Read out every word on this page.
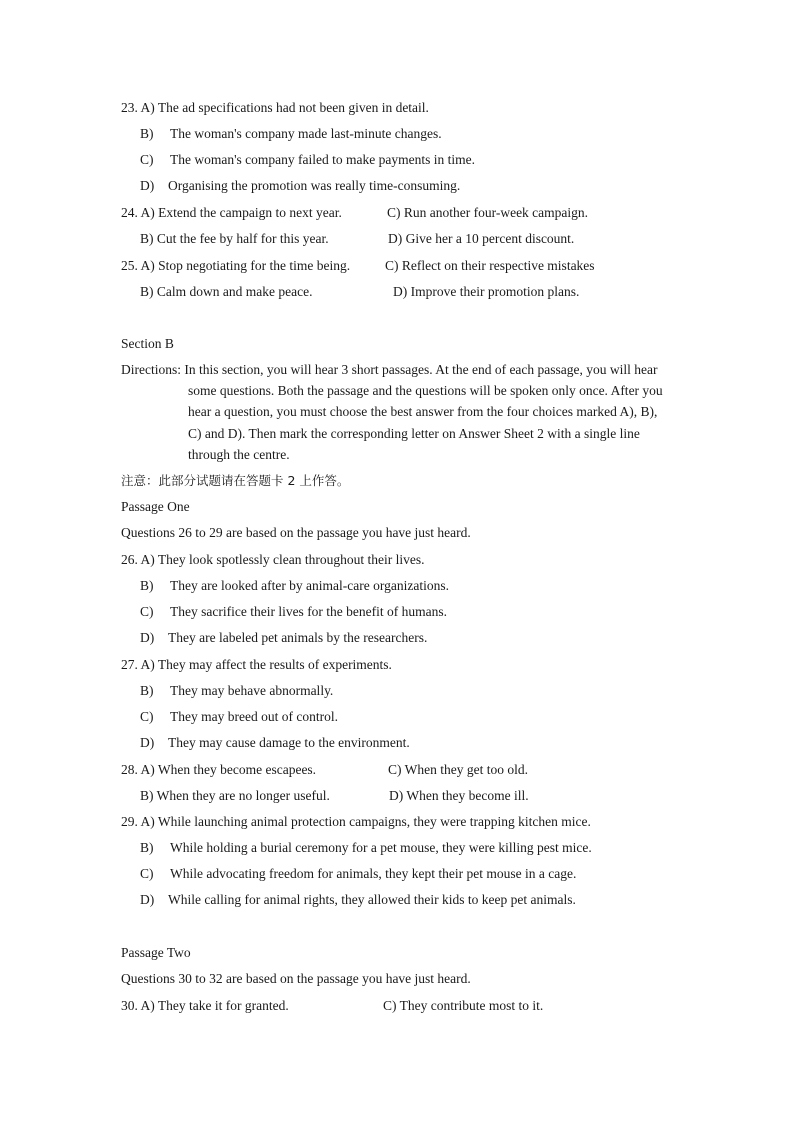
23. A) The ad specifications had not been given in detail.
B) The woman's company made last-minute changes.
C) The woman's company failed to make payments in time.
D) Organising the promotion was really time-consuming.
24. A) Extend the campaign to next year.	C) Run another four-week campaign.
B) Cut the fee by half for this year.	D) Give her a 10 percent discount.
25. A) Stop negotiating for the time being.	C) Reflect on their respective mistakes
B) Calm down and make peace.	D) Improve their promotion plans.
Section B
Directions: In this section, you will hear 3 short passages. At the end of each passage, you will hear
some questions. Both the passage and the questions will be spoken only once. After you
hear a question, you must choose the best answer from the four choices marked A), B),
C) and D). Then mark the corresponding letter on Answer Sheet 2 with a single line
through the centre.
注意：此部分试题请在答题卡 2 上作答。
Passage One
Questions 26 to 29 are based on the passage you have just heard.
26. A) They look spotlessly clean throughout their lives.
B) They are looked after by animal-care organizations.
C) They sacrifice their lives for the benefit of humans.
D) They are labeled pet animals by the researchers.
27. A) They may affect the results of experiments.
B) They may behave abnormally.
C) They may breed out of control.
D) They may cause damage to the environment.
28. A) When they become escapees.	C) When they get too old.
B) When they are no longer useful.	D) When they become ill.
29. A) While launching animal protection campaigns, they were trapping kitchen mice.
B) While holding a burial ceremony for a pet mouse, they were killing pest mice.
C) While advocating freedom for animals, they kept their pet mouse in a cage.
D) While calling for animal rights, they allowed their kids to keep pet animals.
Passage Two
Questions 30 to 32 are based on the passage you have just heard.
30. A) They take it for granted.	C) They contribute most to it.
